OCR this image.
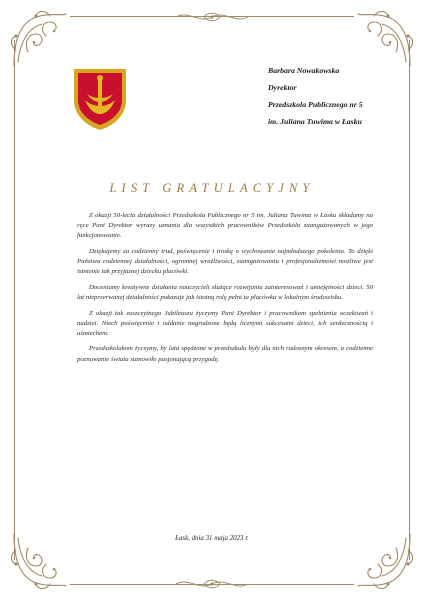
Barbara Nowakowska
Dyrektor
Przedszkola Publicznego nr 5
im. Juliana Tuwima w Łasku
LIST GRATULACYJNY

Z okazji 50-lecia działalności Przedszkola Publicznego nr 5 im. Juliana Tuwima w Łasku składamy na ręce Pani Dyrektor wyrazy uznania dla wszystkich pracowników Przedszkola zaangażowanych w jego funkcjonowanie.

Dziękujemy za codzienny trud, poświęcenie i troskę o wychowanie najmłodszego pokolenia. To dzięki Państwa codziennej działalności, ogromnej wrażliwości, zaangażowaniu i profesjonalizmowi możliwe jest istnienie tak przyjaznej dziecku placówki.

Doceniamy kreatywne działania nauczycieli służące rozwijaniu zainteresowań i umiejętności dzieci. 50 lat nieprzerwanej działalności pokazuje jak istotną rolę pełni ta placówka w lokalnym środowisku.

Z okazji tak zaszczytnego Jubileuszu życzymy Pani Dyrektor i pracownikom spełnienia oczekiwań i nadziei. Niech poświęcenie i oddanie nagrodzone będą licznymi sukcesami dzieci, ich serdecznością i uśmiechem.

Przedszkolakom życzymy, by lata spędzone w przedszkolu były dla nich radosnym okresem, a codzienne poznawanie świata stanowiło pasjonującą przygodę.

Łask, dnia 31 maja 2023 r.
